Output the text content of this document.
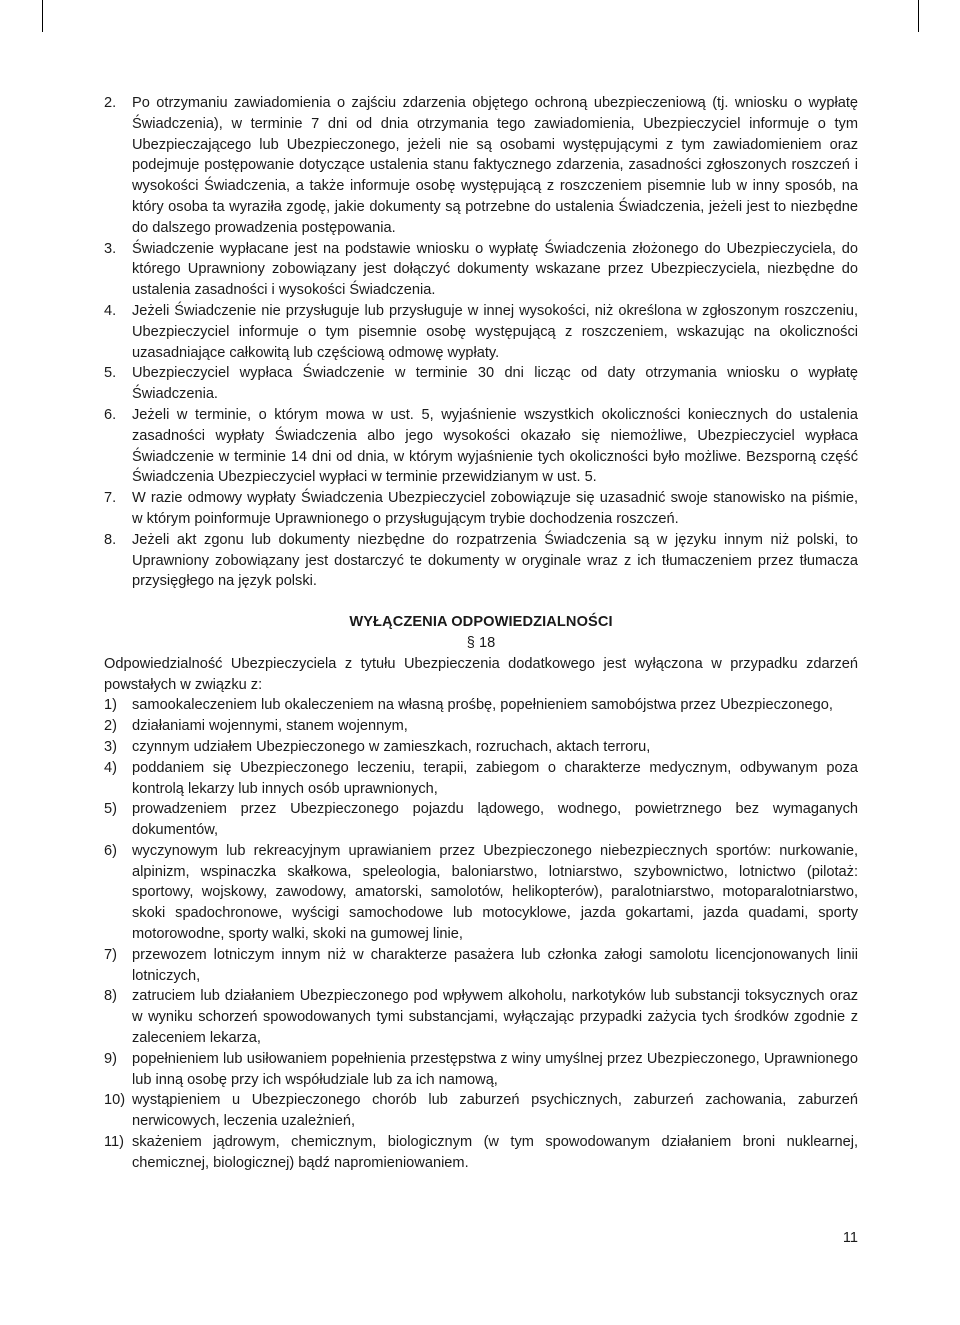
2.	Po otrzymaniu zawiadomienia o zajściu zdarzenia objętego ochroną ubezpieczeniową (tj. wniosku o wypłatę Świadczenia), w terminie 7 dni od dnia otrzymania tego zawiadomienia, Ubezpieczyciel informuje o tym Ubezpieczającego lub Ubezpieczonego, jeżeli nie są osobami występującymi z tym zawiadomieniem oraz podejmuje postępowanie dotyczące ustalenia stanu faktycznego zdarzenia, zasadności zgłoszonych roszczeń i wysokości Świadczenia, a także informuje osobę występującą z roszczeniem pisemnie lub w inny sposób, na który osoba ta wyraziła zgodę, jakie dokumenty są potrzebne do ustalenia Świadczenia, jeżeli jest to niezbędne do dalszego prowadzenia postępowania.
3.	Świadczenie wypłacane jest na podstawie wniosku o wypłatę Świadczenia złożonego do Ubezpieczyciela, do którego Uprawniony zobowiązany jest dołączyć dokumenty wskazane przez Ubezpieczyciela, niezbędne do ustalenia zasadności i wysokości Świadczenia.
4.	Jeżeli Świadczenie nie przysługuje lub przysługuje w innej wysokości, niż określona w zgłoszonym roszczeniu, Ubezpieczyciel informuje o tym pisemnie osobę występującą z roszczeniem, wskazując na okoliczności uzasadniające całkowitą lub częściową odmowę wypłaty.
5.	Ubezpieczyciel wypłaca Świadczenie w terminie 30 dni licząc od daty otrzymania wniosku o wypłatę Świadczenia.
6.	Jeżeli w terminie, o którym mowa w ust. 5, wyjaśnienie wszystkich okoliczności koniecznych do ustalenia zasadności wypłaty Świadczenia albo jego wysokości okazało się niemożliwe, Ubezpieczyciel wypłaca Świadczenie w terminie 14 dni od dnia, w którym wyjaśnienie tych okoliczności było możliwe. Bezsporną część Świadczenia Ubezpieczyciel wypłaci w terminie przewidzianym w ust. 5.
7.	W razie odmowy wypłaty Świadczenia Ubezpieczyciel zobowiązuje się uzasadnić swoje stanowisko na piśmie, w którym poinformuje Uprawnionego o przysługującym trybie dochodzenia roszczeń.
8.	Jeżeli akt zgonu lub dokumenty niezbędne do rozpatrzenia Świadczenia są w języku innym niż polski, to Uprawniony zobowiązany jest dostarczyć te dokumenty w oryginale wraz z ich tłumaczeniem przez tłumacza przysięgłego na język polski.
WYŁĄCZENIA ODPOWIEDZIALNOŚCI
§ 18
Odpowiedzialność Ubezpieczyciela z tytułu Ubezpieczenia dodatkowego jest wyłączona w przypadku zdarzeń powstałych w związku z:
1)	samookaleczeniem lub okaleczeniem na własną prośbę, popełnieniem samobójstwa przez Ubezpieczonego,
2)	działaniami wojennymi, stanem wojennym,
3)	czynnym udziałem Ubezpieczonego w zamieszkach, rozruchach, aktach terroru,
4)	poddaniem się Ubezpieczonego leczeniu, terapii, zabiegom o charakterze medycznym, odbywanym poza kontrolą lekarzy lub innych osób uprawnionych,
5)	prowadzeniem przez Ubezpieczonego pojazdu lądowego, wodnego, powietrznego bez wymaganych dokumentów,
6)	wyczynowym lub rekreacyjnym uprawianiem przez Ubezpieczonego niebezpiecznych sportów: nurkowanie, alpinizm, wspinaczka skałkowa, speleologia, baloniarstwo, lotniarstwo, szybownictwo, lotnictwo (pilotaż: sportowy, wojskowy, zawodowy, amatorski, samolotów, helikopterów), paralotniarstwo, motoparalotniarstwo, skoki spadochronowe, wyścigi samochodowe lub motocyklowe, jazda gokartami, jazda quadami, sporty motorowodne, sporty walki, skoki na gumowej linie,
7)	przewozem lotniczym innym niż w charakterze pasażera lub członka załogi samolotu licencjonowanych linii lotniczych,
8)	zatruciem lub działaniem Ubezpieczonego pod wpływem alkoholu, narkotyków lub substancji toksycznych oraz w wyniku schorzeń spowodowanych tymi substancjami, wyłączając przypadki zażycia tych środków zgodnie z zaleceniem lekarza,
9)	popełnieniem lub usiłowaniem popełnienia przestępstwa z winy umyślnej przez Ubezpieczonego, Uprawnionego lub inną osobę przy ich współudziale lub za ich namową,
10) wystąpieniem u Ubezpieczonego chorób lub zaburzeń psychicznych, zaburzeń zachowania, zaburzeń nerwicowych, leczenia uzależnień,
11) skażeniem jądrowym, chemicznym, biologicznym (w tym spowodowanym działaniem broni nuklearnej, chemicznej, biologicznej) bądź napromieniowaniem.
11
